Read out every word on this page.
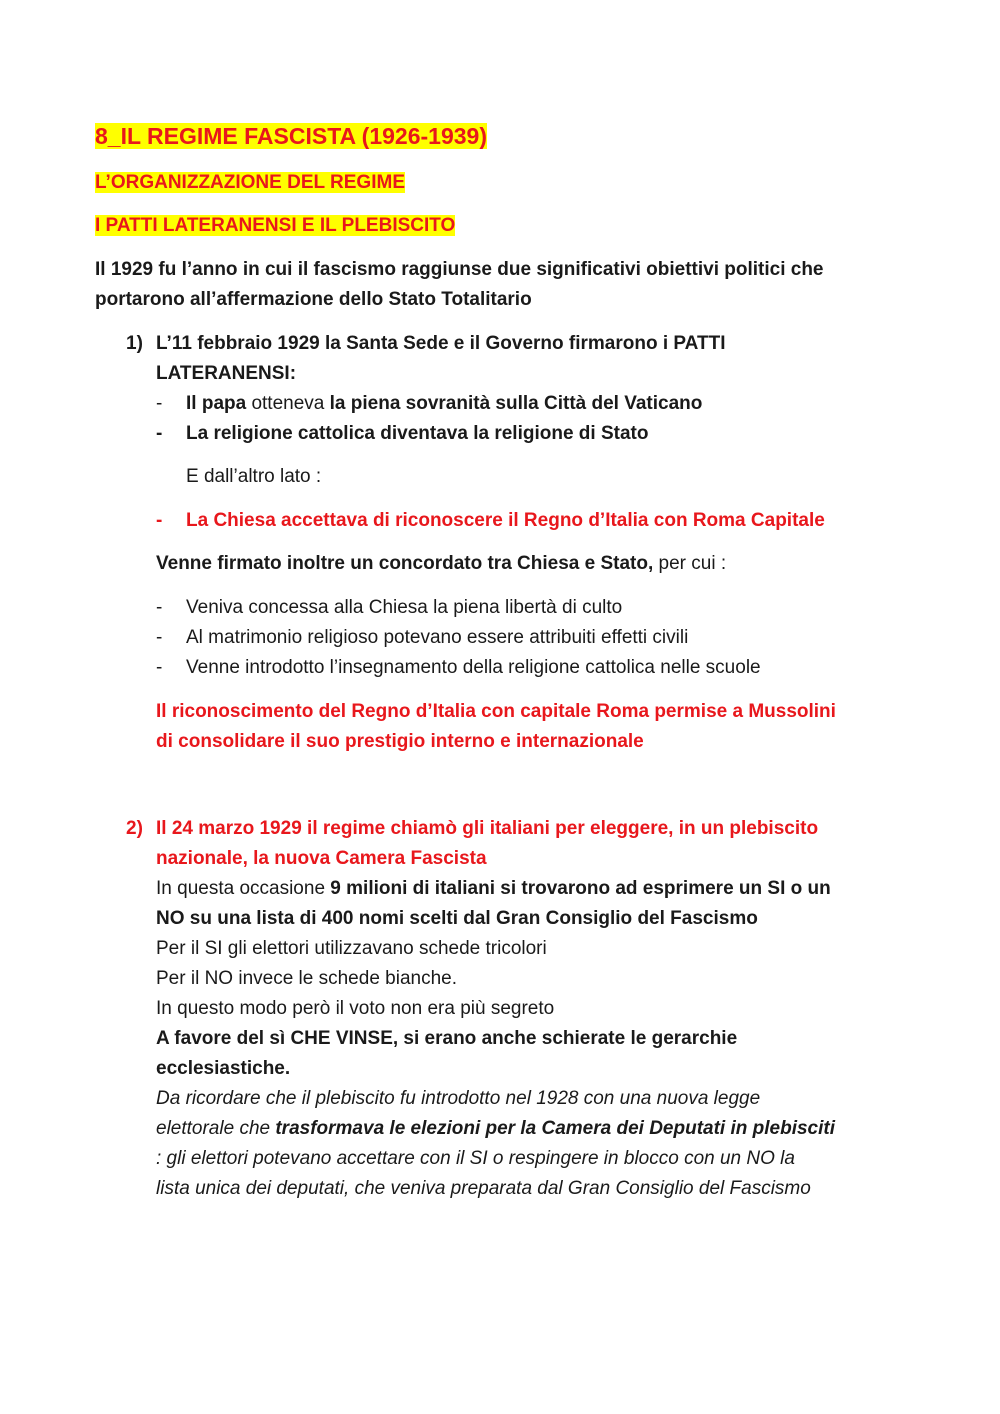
8_IL REGIME FASCISTA (1926-1939)
L’ORGANIZZAZIONE DEL REGIME
I PATTI LATERANENSI E IL PLEBISCITO
Il 1929 fu l’anno in cui il fascismo raggiunse due significativi obiettivi politici che
portarono all’affermazione dello Stato Totalitario
1) L’11 febbraio 1929 la Santa Sede e il Governo firmarono i PATTI
LATERANENSI:
- Il papa otteneva la piena sovranità sulla Città del Vaticano
- La religione cattolica diventava la religione di Stato
E dall’altro lato :
- La Chiesa accettava di riconoscere il Regno d’Italia con Roma Capitale
Venne firmato inoltre un concordato tra Chiesa e Stato, per cui :
- Veniva concessa alla Chiesa la piena libertà di culto
- Al matrimonio religioso potevano essere attribuiti effetti civili
- Venne introdotto l’insegnamento della religione cattolica nelle scuole
Il riconoscimento del Regno d’Italia con capitale Roma permise a Mussolini
di consolidare il suo prestigio interno e internazionale
2) Il 24 marzo 1929 il regime chiamò gli italiani per eleggere, in un plebiscito
nazionale, la nuova Camera Fascista
In questa occasione 9 milioni di italiani si trovarono ad esprimere un SI o un
NO su una lista di 400 nomi scelti dal Gran Consiglio del Fascismo
Per il SI gli elettori utilizzavano schede tricolori
Per il NO invece le schede bianche.
In questo modo però il voto non era più segreto
A favore del sì CHE VINSE, si erano anche schierate le gerarchie
ecclesiastiche.
Da ricordare che il plebiscito fu introdotto nel 1928 con una nuova legge
elettorale che trasformava le elezioni per la Camera dei Deputati in plebisciti
: gli elettori potevano accettare con il SI o respingere in blocco con un NO la
lista unica dei deputati, che veniva preparata dal Gran Consiglio del Fascismo
